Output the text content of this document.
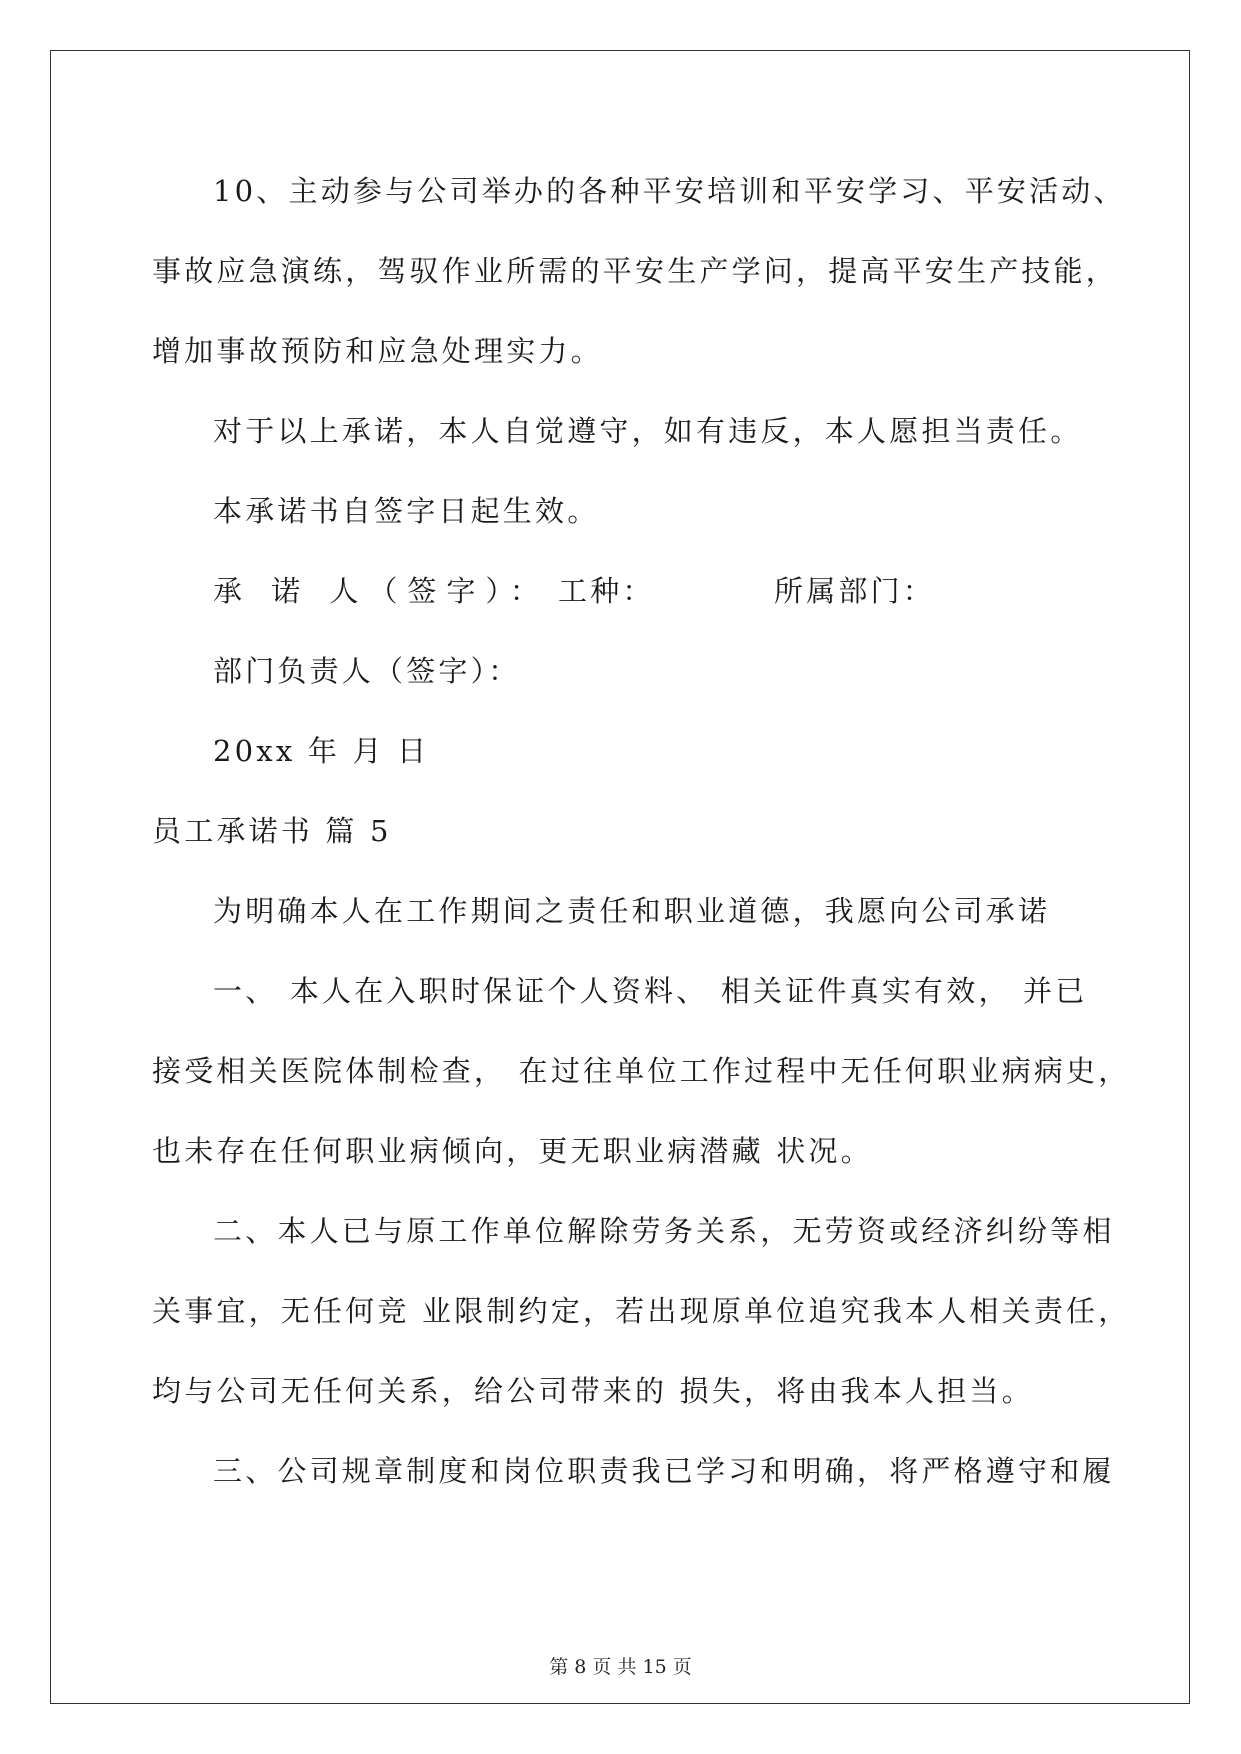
10、主动参与公司举办的各种平安培训和平安学习、平安活动、
事故应急演练，驾驭作业所需的平安生产学问，提高平安生产技能，
增加事故预防和应急处理实力。
对于以上承诺，本人自觉遵守，如有违反，本人愿担当责任。
本承诺书自签字日起生效。
承 诺 人（签字）： 工种：	所属部门：
部门负责人（签字）：
20xx 年 月 日
员工承诺书 篇 5
为明确本人在工作期间之责任和职业道德，我愿向公司承诺
一、 本人在入职时保证个人资料、 相关证件真实有效， 并已
接受相关医院体制检查， 在过往单位工作过程中无任何职业病病史，
也未存在任何职业病倾向，更无职业病潜藏 状况。
二、本人已与原工作单位解除劳务关系，无劳资或经济纠纷等相
关事宜，无任何竞 业限制约定，若出现原单位追究我本人相关责任，
均与公司无任何关系，给公司带来的 损失，将由我本人担当。
三、公司规章制度和岗位职责我已学习和明确，将严格遵守和履
第 8 页 共 15 页
